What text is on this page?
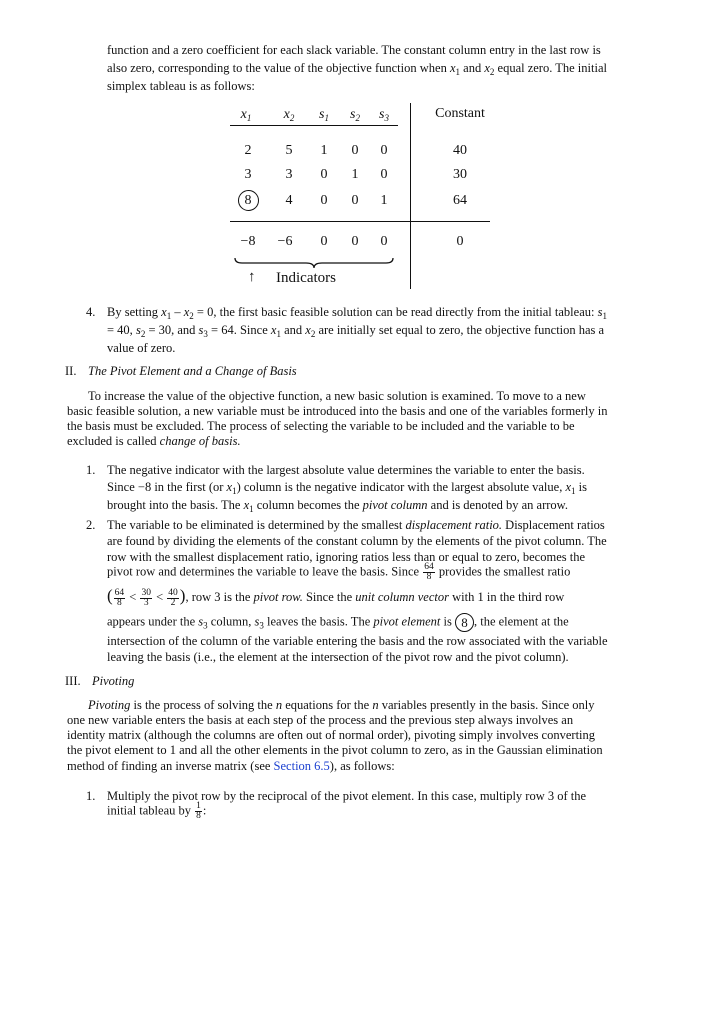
function and a zero coefficient for each slack variable. The constant column entry in the last row is

also zero, corresponding to the value of the objective function when $x_1$ and $x_2$ equal zero. The initial

simplex tableau is as follows:

$x_1$	$x_2$	$s_1$	$s_2$	$s_3$	Constant
2	5	1	0	0	40
3	3	0	1	0	30
8	4	0	0	1	64
−8	−6	0	0	0	0
↑ Indicators
4. By setting $x_1 - x_2 = 0$, the first basic feasible solution can be read directly from the initial tableau: $s_1$

= 40, $s_2 = 30$, and $s_3 = 64$. Since $x_1$ and $x_2$ are initially set equal to zero, the objective function has a

value of zero.

II. The Pivot Element and a Change of Basis

To increase the value of the objective function, a new basic solution is examined. To move to a new

basic feasible solution, a new variable must be introduced into the basis and one of the variables formerly in

the basis must be excluded. The process of selecting the variable to be included and the variable to be

excluded is called change of basis.

1. The negative indicator with the largest absolute value determines the variable to enter the basis.

Since −8 in the first (or $x_1$) column is the negative indicator with the largest absolute value, $x_1$ is

brought into the basis. The $x_1$ column becomes the pivot column and is denoted by an arrow.

2. The variable to be eliminated is determined by the smallest displacement ratio. Displacement ratios

are found by dividing the elements of the constant column by the elements of the pivot column. The

row with the smallest displacement ratio, ignoring ratios less than or equal to zero, becomes the

pivot row and determines the variable to leave the basis. Since $\frac{64}{8}$ provides the smallest ratio

( $\frac{64}{8} < \frac{30}{3} < \frac{40}{2}$ ), row 3 is the pivot row. Since the unit column vector with 1 in the third row

appears under the $s_3$ column, $s_3$ leaves the basis. The pivot element is 8 , the element at the

intersection of the column of the variable entering the basis and the row associated with the variable

leaving the basis (i.e., the element at the intersection of the pivot row and the pivot column).

III. Pivoting

Pivoting is the process of solving the n equations for the n variables presently in the basis. Since only

one new variable enters the basis at each step of the process and the previous step always involves an

identity matrix (although the columns are often out of normal order), pivoting simply involves converting

the pivot element to 1 and all the other elements in the pivot column to zero, as in the Gaussian elimination

method of finding an inverse matrix (see Section 6.5), as follows:

1. Multiply the pivot row by the reciprocal of the pivot element. In this case, multiply row 3 of the

initial tableau by $\frac{1}{8}$ :
